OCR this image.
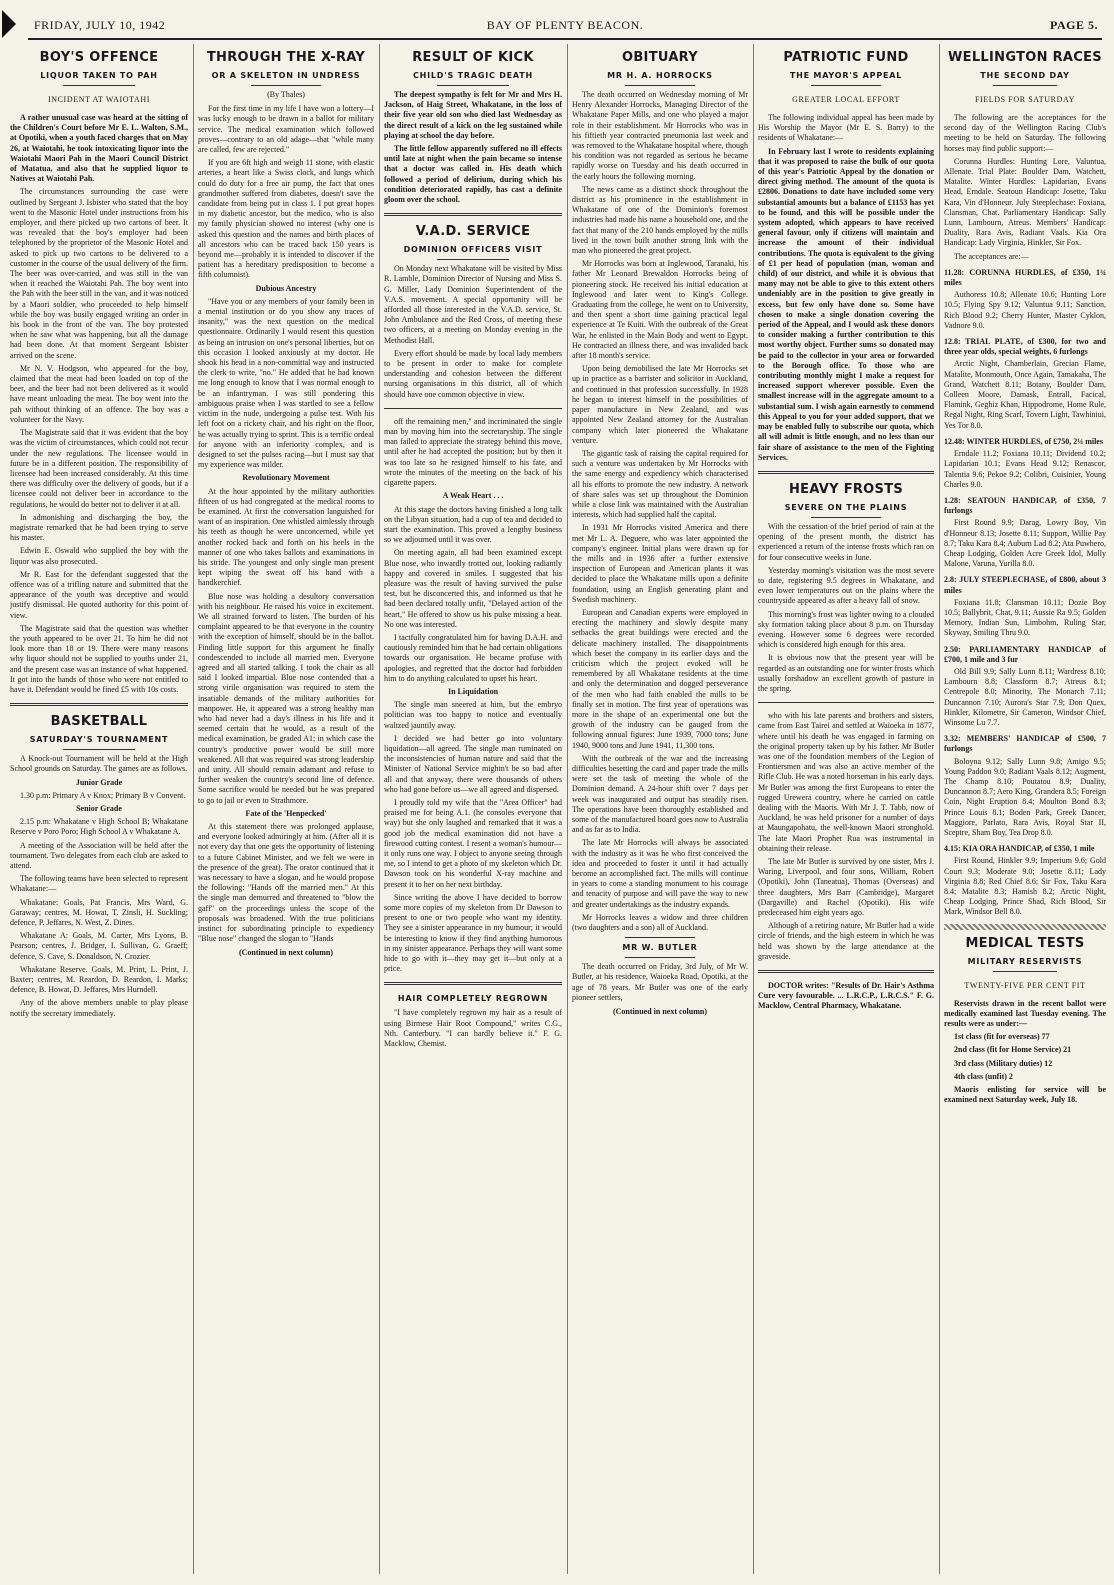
FRIDAY, JULY 10, 1942	BAY OF PLENTY BEACON.	PAGE 5.
BOY'S OFFENCE
LIQUOR TAKEN TO PAH
INCIDENT AT WAIOTAHI

A rather unusual case was heard at the sitting of the Children's Court before Mr E. L. Walton, S.M., at Opotiki, when a youth faced charges that on May 26, at Waiotahi, he took intoxicating liquor into the Waiotahi Maori Pah in the Maori Council District of Matatua, and also that he supplied liquor to Natives at Waiotahi Pah.

The circumstances surrounding the case were outlined by Sergeant J. Isbister who stated that the boy went to the Masonic Hotel under instructions from his employer, and there picked up two cartons of beer. It was revealed that the boy's employer had been telephoned by the proprietor of the Masonic Hotel and asked to pick up two cartons to be delivered to a customer in the course of the usual delivery of the firm. The beer was over-carried, and was still in the van when it reached the Waiotahi Pah. The boy went into the Pah with the beer still in the van, and it was noticed by a Maori soldier, who proceeded to help himself while the boy was busily engaged writing an order in his book in the front of the van. The boy protested when he saw what was happening, but all the damage had been done. At that moment Sergeant Isbister arrived on the scene.

Mr N. V. Hodgson, who appeared for the boy, claimed that the meat had been loaded on top of the beer, and the beer had not been delivered as it would have meant unloading the meat. The boy went into the pah without thinking of an offence. The boy was a volunteer for the Navy.

The Magistrate said that it was evident that the boy was the victim of circumstances, which could not recur under the new regulations. The licensee would in future be in a different position. The responsibility of licensee had been increased considerably. At this time there was difficulty over the delivery of goods, but if a licensee could not deliver beer in accordance to the regulations, he would do better not to deliver it at all.

In admonishing and discharging the boy, the magistrate remarked that he had been trying to serve his master.

Edwin E. Oswald who supplied the boy with the liquor was also prosecuted.

Mr R. East for the defendant suggested that the offence was of a trifling nature and submitted that the appearance of the youth was deceptive and would justify dismissal. He quoted authority for this point of view.

The Magistrate said that the question was whether the youth appeared to be over 21. To him he did not look more than 18 or 19. There were many reasons why liquor should not be supplied to youths under 21, and the present case was an instance of what happened. It got into the hands of those who were not entitled to have it. Defendant would be fined £5 with 10s costs.

BASKETBALL
SATURDAY'S TOURNAMENT

A Knock-out Tournament will be held at the High School grounds on Saturday. The games are as follows.

Junior Grade

1.30 p.m: Primary A v Knox; Primary B v Convent.

Senior Grade

2.15 p.m: Whakatane v High School B; Whakatane Reserve v Poro Poro; High School A v Whakatane A.

A meeting of the Association will be held after the tournament. Two delegates from each club are asked to attend.

The following teams have been selected to represent Whakatane:—

Whakatane: Goals, Pat Francis, Mrs Ward, G. Garaway; centres, M. Howat, T. Zinsli, H. Suckling; defence, P. Jeffares, N. West, Z. Dines.

Whakatane A: Goals, M. Carter, Mrs Lyons, B. Pearson; centres, J. Bridger, I. Sullivan, G. Graeff; defence, S. Cave, S. Donaldson, N. Crozier.

Whakatane Reserve. Goals, M. Print, L. Print, J. Baxter; centres, M. Reardon, D. Reardon, I. Marks; defence, B. Howat, D. Jeffares, Mrs Hurndell.

Any of the above members unable to play please notify the secretary immediately.

THROUGH THE X-RAY
OR A SKELETON IN UNDRESS
(By Thales)

For the first time in my life I have won a lottery—I was lucky enough to be drawn in a ballot for military service. The medical examination which followed proves—contrary to an old adage—that "while many are called, few are rejected."

If you are 6ft high and weigh 11 stone, with elastic arteries, a heart like a Swiss clock, and lungs which could do duty for a free air pump, the fact that ones grandmother suffered from diabetes, doesn't save the candidate from being put in class 1. I put great hopes in my diabetic ancestor, but the medico, who is also my family physician showed no interest (why one is asked this question and the names and birth places of all ancestors who can be traced back 150 years is beyond me—probably it is intended to discover if the patient has a hereditary predisposition to become a fifth columnist).

Dubious Ancestry

"Have you or any members of your family been in a mental institution or do you show any traces of insanity," was the next question on the medical questionnaire. Ordinarily I would resent this question as being an intrusion on one's personal liberties, but on this occasion I looked anxiously at my doctor. He shook his head in a non-committal way and instructed the clerk to write, "no." He added that he had known me long enough to know that I was normal enough to be an infantryman. I was still pondering this ambiguous praise when I was startled to see a fellow victim in the nude, undergoing a pulse test. With his left foot on a rickety chair, and his right on the floor, he was actually trying to sprint. This is a terrific ordeal for anyone with an inferiority complex, and is designed to set the pulses racing—but I must say that my experience was milder.

Revolutionary Movement

At the hour appointed by the military authorities fifteen of us had congregated at the medical rooms to be examined. At first the conversation languished for want of an inspiration. One whistled aimlessly through his teeth as though he were unconcerned, while yet another rocked back and forth on his heels in the manner of one who takes ballots and examinations in his stride. The youngest and only single man present kept wiping the sweat off his hand with a handkerchief.

Blue nose was holding a desultory conversation with his neighbour. He raised his voice in excitement. We all strained forward to listen. The burden of his complaint appeared to be that everyone in the country with the exception of himself, should be in the ballot. Finding little support for this argument he finally condescended to include all married men. Everyone agreed and all started talking. I took the chair as all said I looked impartial. Blue nose contended that a strong virile organisation was required to stem the insatiable demands of the military authorities for manpower. He, it appeared was a strong healthy man who had never had a day's illness in his life and it seemed certain that he would, as a result of the medical examination, be graded A1; in which case the country's productive power would be still more weakened. All that was required was strong leadership and unity. All should remain adamant and refuse to further weaken the country's second line of defence. Some sacrifice would be needed but he was prepared to go to jail or even to Strathmore.

Fate of the 'Henpecked'

At this statement there was prolonged applause, and everyone looked admiringly at him. (After all it is not every day that one gets the opportunity of listening to a future Cabinet Minister, and we felt we were in the presence of the great). The orator continued that it was necessary to have a slogan, and he would propose the following: "Hands off the married men." At this the single man demurred and threatened to "blow the gaff" on the proceedings unless the scope of the proposals was broadened. With the true politicians instinct for subordinating principle to expediency "Blue nose" changed the slogan to "Hands

(Continued in next column)
RESULT OF KICK
CHILD'S TRAGIC DEATH

The deepest sympathy is felt for Mr and Mrs H. Jackson, of Haig Street, Whakatane, in the loss of their five year old son who died last Wednesday as the direct result of a kick on the leg sustained while playing at school the day before.

The little fellow apparently suffered no ill effects until late at night when the pain became so intense that a doctor was called in. His death which followed a period of delirium, during which his condition deteriorated rapidly, has cast a definite gloom over the school.

V.A.D. SERVICE
DOMINION OFFICERS VISIT

On Monday next Whakatane will be visited by Miss R. Lamble, Dominion Director of Nursing and Miss S. G. Miller, Lady Dominion Superintendent of the V.A.S. movement. A special opportunity will be afforded all those interested in the V.A.D. service, St. John Ambulance and the Red Cross, of meeting these two officers, at a meeting on Monday evening in the Methodist Hall.

Every effort should be made by local lady members to be present in order to make for complete understanding and cohesion between the different nursing organisations in this district, all of which should have one common objective in view.

off the remaining men," and incriminated the single man by moving him into the secretaryship. The single man failed to appreciate the strategy behind this move, until after he had accepted the position; but by then it was too late so he resigned himself to his fate, and wrote the minutes of the meeting on the back of his cigarette papers.

A Weak Heart . . .

At this stage the doctors having finished a long talk on the Libyan situation, had a cup of tea and decided to start the examination. This proved a lengthy business so we adjourned until it was over.

On meeting again, all had been examined except Blue nose, who inwardly trotted out, looking radiantly happy and covered in smiles. I suggested that his pleasure was the result of having survived the pulse test, but he disconcerted this, and informed us that he had been declared totally unfit, "Delayed action of the heart," He offered to show us his pulse missing a beat. No one was interested.

I tactfully congratulated him for having D.A.H. and cautiously reminded him that he had certain obligations towards our organisation. He became profuse with apologies, and regretted that the doctor had forbidden him to do anything calculated to upset his heart.

In Liquidation

The single man sneered at him, but the embryo politician was too happy to notice and eventually waltzed jauntily away.

I decided we had better go into voluntary liquidation—all agreed. The single man ruminated on the inconsistencies of human nature and said that the Minister of National Service mightn't be so bad after all and that anyway, there were thousands of others who had gone before us—we all agreed and dispersed.

I proudly told my wife that the "Area Officer" had praised me for being A.1. (he consoles everyone that way) but she only laughed and remarked that it was a good job the medical examination did not have a firewood cutting contest. I resent a woman's humour—it only runs one way. I object to anyone seeing through me, so I intend to get a photo of my skeleton which Dr. Dawson took on his wonderful X-ray machine and present it to her on her next birthday.

Since writing the above I have decided to borrow some more copies of my skeleton from Dr Dawson to present to one or two people who want my identity. They see a sinister appearance in my humour; it would be interesting to know if they find anything humorous in my sinister appearance. Perhaps they will want some hide to go with it—they may get it—but only at a price.

HAIR COMPLETELY REGROWN

"I have completely regrown my hair as a result of using Birmese Hair Root Compound," writes C.G., Nth. Canterbury. "I can hardly believe it." F. G. Macklow, Chemist.

OBITUARY
MR H. A. HORROCKS

The death occurred on Wednesday morning of Mr Henry Alexander Horrocks, Managing Director of the Whakatane Paper Mills, and one who played a major role in their establishment. Mr Horrocks who was in his fiftieth year contracted pneumonia last week and was removed to the Whakatane hospital where, though his condition was not regarded as serious he became rapidly worse on Tuesday and his death occurred in the early hours the following morning.

The news came as a distinct shock throughout the district as his prominence in the establishment in Whakatane of one of the Dominion's foremost industries had made his name a household one, and the fact that many of the 210 hands employed by the mills lived in the town built another strong link with the man who pioneered the great project.

Mr Horrocks was born at Inglewood, Taranaki, his father Mr Leonard Brewaldon Horrocks being of pioneering stock. He received his initial education at Inglewood and later went to King's College. Graduating from the college, he went on to University, and then spent a short time gaining practical legal experience at Te Kuiti. With the outbreak of the Great War, he enlisted in the Main Body and went to Egypt. He contracted an illness there, and was invalided back after 18 month's service.

Upon being demobilised the late Mr Horrocks set up in practice as a barrister and solicitor in Auckland, and continued in that profession successfully. In 1928 he began to interest himself in the possibilities of paper manufacture in New Zealand, and was appointed New Zealand attorney for the Australian company which later pioneered the Whakatane venture.

The gigantic task of raising the capital required for such a venture was undertaken by Mr Horrocks with the same energy and expediency which characterised all his efforts to promote the new industry. A network of share sales was set up throughout the Dominion while a close link was maintained with the Australian interests, which had supplied half the capital.

In 1931 Mr Horrocks visited America and there met Mr L. A. Deguere, who was later appointed the company's engineer. Initial plans were drawn up for the mills and in 1936 after a further extensive inspection of European and American plants it was decided to place the Whakatane mills upon a definite foundation, using an English generating plant and Swedish machinery.

European and Canadian experts were employed in erecting the machinery and slowly despite many setbacks the great buildings were erected and the delicate machinery installed. The disappointments which beset the company in its earlier days and the criticism which the project evoked will be remembered by all Whakatane residents at the time and only the determination and dogged perseverance of the men who had faith enabled the mills to be finally set in motion. The first year of operations was more in the shape of an experimental one but the growth of the industry can be gauged from the following annual figures: June 1939, 7000 tons; June 1940, 9000 tons and June 1941, 11,300 tons.

With the outbreak of the war and the increasing difficulties besetting the card and paper trade the mills were set the task of meeting the whole of the Dominion demand. A 24-hour shift over 7 days per week was inaugurated and output has steadily risen. The operations have been thoroughly established and some of the manufactured board goes now to Australia and as far as to India.

The late Mr Horrocks will always be associated with the industry as it was he who first conceived the idea and proceeded to foster it until it had actually become an accomplished fact. The mills will continue in years to come a standing monument to his courage and tenacity of purpose and will pave the way to new and greater undertakings as the industry expands.

Mr Horrocks leaves a widow and three children (two daughters and a son) all of Auckland.

MR W. BUTLER

The death occurred on Friday, 3rd July, of Mr W. Butler, at his residence, Waioeka Road, Opotiki, at the age of 78 years. Mr Butler was one of the early pioneer settlers,

(Continued in next column)
PATRIOTIC FUND
THE MAYOR'S APPEAL
GREATER LOCAL EFFORT

The following individual appeal has been made by His Worship the Mayor (Mr E. S. Barry) to the residents of Whakatane:—

In February last I wrote to residents explaining that it was proposed to raise the bulk of our quota of this year's Patriotic Appeal by the donation or direct giving method. The amount of the quota is £2806. Donations to date have included some very substantial amounts but a balance of £1153 has yet to be found, and this will be possible under the system adopted, which appears to have received general favour, only if citizens will maintain and increase the amount of their individual contributions. The quota is equivalent to the giving of £1 per head of population (man, woman and child) of our district, and while it is obvious that many may not be able to give to this extent others undeniably are in the position to give greatly in excess, but few only have done so. Some have chosen to make a single donation covering the period of the Appeal, and I would ask these donors to consider making a further contribution to this most worthy object. Further sums so donated may be paid to the collector in your area or forwarded to the Borough office. To those who are contributing monthly might I make a request for increased support wherever possible. Even the smallest increase will in the aggregate amount to a substantial sum. I wish again earnestly to commend this Appeal to you for your added support, that we may be enabled fully to subscribe our quota, which all will admit is little enough, and no less than our fair share of assistance to the men of the Fighting Services.

HEAVY FROSTS
SEVERE ON THE PLAINS

With the cessation of the brief period of rain at the opening of the present month, the district has experienced a return of the intense frosts which ran on for four consecutive weeks in June.

Yesterday morning's visitation was the most severe to date, registering 9.5 degrees in Whakatane, and even lower temperatures out on the plains where the countryside appeared as after a heavy fall of snow.

This morning's frost was lighter owing to a clouded sky formation taking place about 8 p.m. on Thursday evening. However some 6 degrees were recorded which is considered high enough for this area.

It is obvious now that the present year will be regarded as an outstanding one for winter frosts which usually forshadow an excellent growth of pasture in the spring.

who with his late parents and brothers and sisters, came from East Tairei and settled at Waioeka in 1877, where until his death he was engaged in farming on the original property taken up by his father. Mr Butler was one of the foundation members of the Legion of Frontiersmen and was also an active member of the Rifle Club. He was a noted horseman in his early days. Mr Butler was among the first Europeans to enter the rugged Urewera country, where he carried on cattle dealing with the Maoris. With Mr J. T. Tabb, now of Auckland, he was held prisoner for a number of days at Maungapohatu, the well-known Maori stronghold. The late Maori Prophet Rua was instrumental in obtaining their release.

The late Mr Butler is survived by one sister, Mrs J. Waring, Liverpool, and four sons, William, Robert (Opotiki), John (Taneatua), Thomas (Overseas) and three daughters, Mrs Barr (Cambridge), Margaret (Dargaville) and Rachel (Opotiki). His wife predeceased him eight years ago.

Although of a retiring nature, Mr Butler had a wide circle of friends, and the high esteem in which he was held was shown by the large attendance at the graveside.

DOCTOR writes: "Results of Dr. Hair's Asthma Cure very favourable. ... L.R.C.P., L.R.C.S." F. G. Macklow, Central Pharmacy, Whakatane.

WELLINGTON RACES
THE SECOND DAY
FIELDS FOR SATURDAY

The following are the acceptances for the second day of the Wellington Racing Club's meeting to be held on Saturday. The following horses may find public support:—

Corunna Hurdles: Hunting Lore, Valuntua, Allenate. Trial Plate: Boulder Dam, Watchett, Matalite. Winter Hurdles: Lapidarian, Evans Head, Erndale. Seatoun Handicap: Josette, Taku Kara, Vin d'Honneur. July Steeplechase: Foxiana, Clansman, Chat. Parliamentary Handicap: Sally Lunn, Lambourn, Atreus. Members' Handicap: Duality, Rara Avis, Radiant Vaals. Kia Ora Handicap: Lady Virginia, Hinkler, Sir Fox.

The acceptances are:—

11.28: CORUNNA HURDLES, of £350, 1¾ miles

Authoress 10.8; Allenate 10.6; Hunting Lore 10.5; Flying Spy 9.12; Valuntua 9.11; Sanction, Rich Blood 9.2; Cherry Hunter, Master Cyklon, Vadnore 9.0.

12.8: TRIAL PLATE, of £300, for two and three year olds, special weights, 6 furlongs

Arctic Night, Chamberlain, Grecian Flame, Matalite, Monmouth, Once Again, Tamakaha, The Grand, Watchett 8.11; Botany, Boulder Dam, Colleen Moore, Damask, Entrall, Facical, Flamink, Geghiz Khan, Hippodrome, Home Rule, Regal Night, Ring Scarf, Tovern Light, Tawhiniui, Yes Tor 8.0.

12.48: WINTER HURDLES, of £750, 2¼ miles

Erndale 11.2; Foxiana 10.11; Dividend 10.2; Lapidarian 10.1; Evans Head 9.12; Renascor, Talentia 9.6; Pekoe 9.2; Colibri, Cuisinier, Young Charles 9.0.

1.28: SEATOUN HANDICAP, of £350, 7 furlongs

First Round 9.9; Darag, Lowry Boy, Vin d'Honneur 8.13; Josette 8.11; Support, Willie Pay 8.7; Taku Kara 8.4; Auburn Lad 8.2; Ata Puwhero, Cheap Lodging, Golden Acre Greek Idol, Molly Malone, Varuna, Yurilla 8.0.

2.8: JULY STEEPLECHASE, of £800, about 3 miles

Foxiana 11.8; Clansman 10.11; Dozie Boy 10.5; Ballybrit, Chat, 9.11; Aussie Ra 9.5; Golden Memory, Indian Sun, Limbohm, Ruling Star, Skyway, Smiling Thru 9.0.

2.50: PARLIAMENTARY HANDICAP of £700, 1 mile and 3 fur

Old Bill 9.9; Sally Lunn 8.11; Wardress 8.10; Lambourn 8.8; Classform 8.7; Atreus 8.1; Centrepole 8.0; Minority, The Monarch 7.11; Duncannon 7.10; Aurora's Star 7.9; Don Quex, Hinkler, Kilometre, Sir Cameron, Windsor Chief, Winsome Lu 7.7.

3.32: MEMBERS' HANDICAP of £500, 7 furlongs

Boloyna 9.12; Sally Lunn 9.8; Amigo 9.5; Young Paddon 9.0; Radiant Vaals 8.12; Augment, The Champ 8.10; Poutatou 8.9; Duality, Duncannon 8.7; Aero King, Grandera 8.5; Foreign Coin, Night Eruption 8.4; Moulton Bond 8.3; Prince Louis 8.1; Boden Park, Greek Dancer, Maggiore, Parlato, Rara Avis, Royal Star II, Sceptre, Sham Boy, Tea Drop 8.0.

4.15: KIA ORA HANDICAP, of £350, 1 mile

First Round, Hinkler 9.9; Imperium 9.6; Gold Court 9.3; Moderate 9.0; Josette 8.11; Lady Virginia 8.8; Red Chief 8.6; Sir Fox, Taku Kara 8.4; Matalite 8.3; Hamish 8.2; Arctic Night, Cheap Lodging, Prince Shad, Rich Blood, Sir Mark, Windsor Bell 8.0.

MEDICAL TESTS
MILITARY RESERVISTS
TWENTY-FIVE PER CENT FIT

Reservists drawn in the recent ballot were medically examined last Tuesday evening. The results were as under:—

1st class (fit for overseas) 77

2nd class (fit for Home Service) 21

3rd class (Military duties) 12

4th class (unfit) 2

Maoris enlisting for service will be examined next Saturday week, July 18.
